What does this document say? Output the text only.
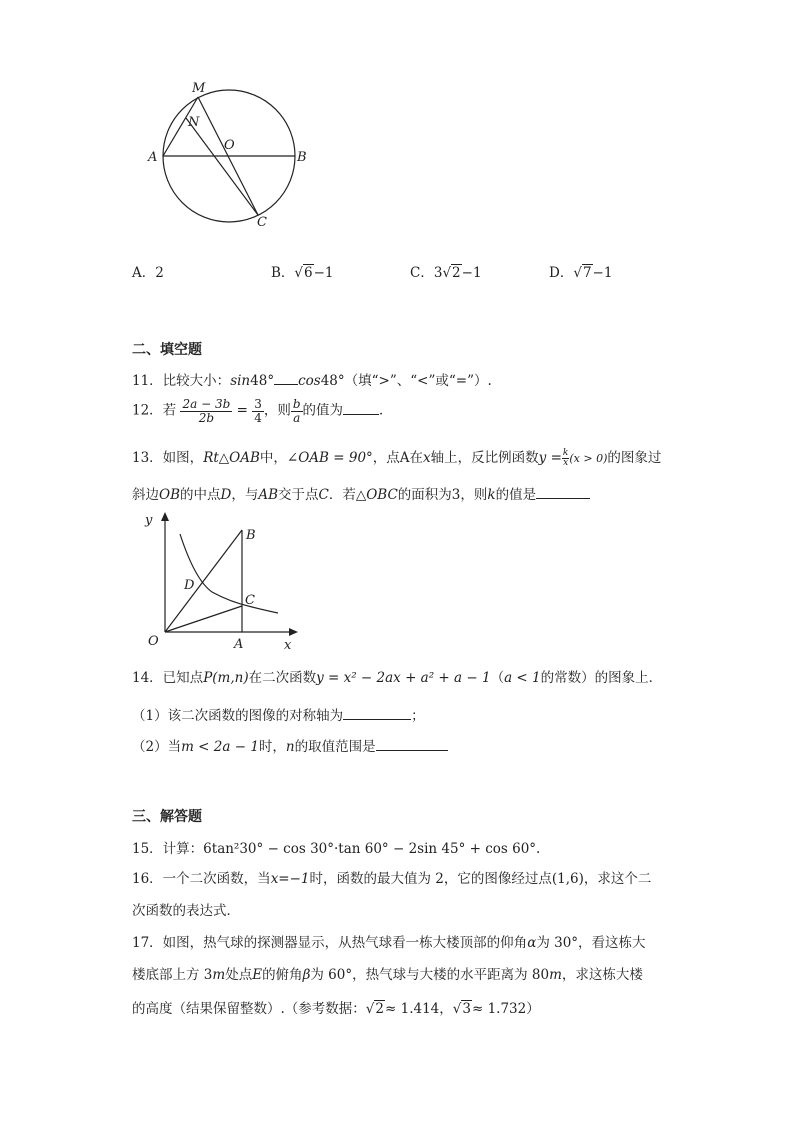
M
N
O
A	B
C
A．2	B．√6−1	C．3√2−1	D．√7−1
二、填空题
11．比较大小：sin48° cos48°（填“>”、“<”或“=”）.
12．若 $\frac{2a - 3b}{2b} = \frac{3}{4}$ ，则 $\frac{b}{a}$ 的值为	．
13．如图，Rt△OAB中，∠OAB = 90°，点A在x轴上，反比例函数$y = \frac{k}{x} (x > 0)$的图象过
斜边OB的中点D，与AB交于点C．若△OBC的面积为3，则k的值是
y
B
D
C
O	A	x
14．已知点P(m,n)在二次函数y = x² − 2ax + a² + a − 1（a < 1的常数）的图象上．
（1）该二次函数的图像的对称轴为	；
（2）当m < 2a − 1时，n的取值范围是
三、解答题
15．计算：6tan²30° − cos 30°·tan 60° − 2sin 45° + cos 60°.
16．一个二次函数，当x=−1时，函数的最大值为 2，它的图像经过点(1,6)，求这个二
次函数的表达式．
17．如图，热气球的探测器显示，从热气球看一栋大楼顶部的仰角α为 30°，看这栋大
楼底部上方 3m处点E的俯角β为 60°，热气球与大楼的水平距离为 80m，求这栋大楼
的高度（结果保留整数）.（参考数据：√2≈ 1.414，√3≈ 1.732）
